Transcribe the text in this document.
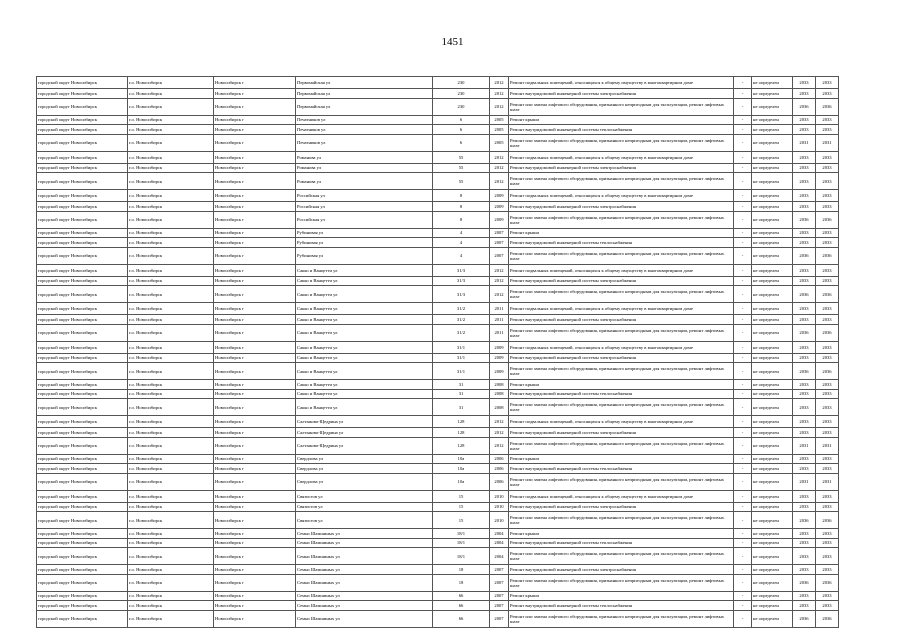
1451
городской округ Новосибирск	г.о. Новосибирск	Новосибирск г	Первомайская ул	230	2012	Ремонт подвальных помещений, относящихся к общему имуществу в многоквартирном доме	-	не определен	2033	2033
городской округ Новосибирск	г.о. Новосибирск	Новосибирск г	Первомайская ул	230	2012	Ремонт внутридомовой инженерной системы электроснабжения	-	не определен	2033	2033
городской округ Новосибирск	г.о. Новосибирск	Новосибирск г	Первомайская ул	230	2012	Ремонт или замена лифтового оборудования, признанного непригодным для эксплуатации, ремонт лифтовых шахт	-	не определен	2036	2036
городской округ Новосибирск	г.о. Новосибирск	Новосибирск г	Печатников ул	6	2005	Ремонт крыши	-	не определен	2033	2033
городской округ Новосибирск	г.о. Новосибирск	Новосибирск г	Печатников ул	6	2005	Ремонт внутридомовой инженерной системы теплоснабжения	-	не определен	2033	2033
городской округ Новосибирск	г.о. Новосибирск	Новосибирск г	Печатников ул	6	2005	Ремонт или замена лифтового оборудования, признанного непригодным для эксплуатации, ремонт лифтовых шахт	-	не определен	2031	2031
городской округ Новосибирск	г.о. Новосибирск	Новосибирск г	Романова ул	55	2012	Ремонт подвальных помещений, относящихся к общему имуществу в многоквартирном доме	-	не определен	2033	2033
городской округ Новосибирск	г.о. Новосибирск	Новосибирск г	Романова ул	55	2012	Ремонт внутридомовой инженерной системы электроснабжения	-	не определен	2033	2033
городской округ Новосибирск	г.о. Новосибирск	Новосибирск г	Романова ул	55	2012	Ремонт или замена лифтового оборудования, признанного непригодным для эксплуатации, ремонт лифтовых шахт	-	не определен	2033	2033
городской округ Новосибирск	г.о. Новосибирск	Новосибирск г	Российская ул	8	2009	Ремонт подвальных помещений, относящихся к общему имуществу в многоквартирном доме	-	не определен	2033	2033
городской округ Новосибирск	г.о. Новосибирск	Новосибирск г	Российская ул	8	2009	Ремонт внутридомовой инженерной системы электроснабжения	-	не определен	2033	2033
городской округ Новосибирск	г.о. Новосибирск	Новосибирск г	Российская ул	8	2009	Ремонт или замена лифтового оборудования, признанного непригодным для эксплуатации, ремонт лифтовых шахт	-	не определен	2036	2036
городской округ Новосибирск	г.о. Новосибирск	Новосибирск г	Рубиновая ул	4	2007	Ремонт крыши	-	не определен	2033	2033
городской округ Новосибирск	г.о. Новосибирск	Новосибирск г	Рубиновая ул	4	2007	Ремонт внутридомовой инженерной системы теплоснабжения	-	не определен	2033	2033
городской округ Новосибирск	г.о. Новосибирск	Новосибирск г	Рубиновая ул	4	2007	Ремонт или замена лифтового оборудования, признанного непригодным для эксплуатации, ремонт лифтовых шахт	-	не определен	2036	2036
городской округ Новосибирск	г.о. Новосибирск	Новосибирск г	Сакко и Ванцетти ул	31/3	2012	Ремонт подвальных помещений, относящихся к общему имуществу в многоквартирном доме	-	не определен	2033	2033
городской округ Новосибирск	г.о. Новосибирск	Новосибирск г	Сакко и Ванцетти ул	31/3	2012	Ремонт внутридомовой инженерной системы электроснабжения	-	не определен	2033	2033
городской округ Новосибирск	г.о. Новосибирск	Новосибирск г	Сакко и Ванцетти ул	31/3	2012	Ремонт или замена лифтового оборудования, признанного непригодным для эксплуатации, ремонт лифтовых шахт	-	не определен	2036	2036
городской округ Новосибирск	г.о. Новосибирск	Новосибирск г	Сакко и Ванцетти ул	31/2	2011	Ремонт подвальных помещений, относящихся к общему имуществу в многоквартирном доме	-	не определен	2033	2033
городской округ Новосибирск	г.о. Новосибирск	Новосибирск г	Сакко и Ванцетти ул	31/2	2011	Ремонт внутридомовой инженерной системы электроснабжения	-	не определен	2033	2033
городской округ Новосибирск	г.о. Новосибирск	Новосибирск г	Сакко и Ванцетти ул	31/2	2011	Ремонт или замена лифтового оборудования, признанного непригодным для эксплуатации, ремонт лифтовых шахт	-	не определен	2036	2036
городской округ Новосибирск	г.о. Новосибирск	Новосибирск г	Сакко и Ванцетти ул	31/1	2009	Ремонт подвальных помещений, относящихся к общему имуществу в многоквартирном доме	-	не определен	2033	2033
городской округ Новосибирск	г.о. Новосибирск	Новосибирск г	Сакко и Ванцетти ул	31/1	2009	Ремонт внутридомовой инженерной системы электроснабжения	-	не определен	2033	2033
городской округ Новосибирск	г.о. Новосибирск	Новосибирск г	Сакко и Ванцетти ул	31/1	2009	Ремонт или замена лифтового оборудования, признанного непригодным для эксплуатации, ремонт лифтовых шахт	-	не определен	2036	2036
городской округ Новосибирск	г.о. Новосибирск	Новосибирск г	Сакко и Ванцетти ул	31	2008	Ремонт крыши	-	не определен	2033	2033
городской округ Новосибирск	г.о. Новосибирск	Новосибирск г	Сакко и Ванцетти ул	31	2008	Ремонт внутридомовой инженерной системы теплоснабжения	-	не определен	2033	2033
городской округ Новосибирск	г.о. Новосибирск	Новосибирск г	Сакко и Ванцетти ул	31	2008	Ремонт или замена лифтового оборудования, признанного непригодным для эксплуатации, ремонт лифтовых шахт	-	не определен	2033	2033
городской округ Новосибирск	г.о. Новосибирск	Новосибирск г	Салтыкова-Щедрина ул	128	2012	Ремонт подвальных помещений, относящихся к общему имуществу в многоквартирном доме	-	не определен	2033	2033
городской округ Новосибирск	г.о. Новосибирск	Новосибирск г	Салтыкова-Щедрина ул	128	2012	Ремонт внутридомовой инженерной системы электроснабжения	-	не определен	2033	2033
городской округ Новосибирск	г.о. Новосибирск	Новосибирск г	Салтыкова-Щедрина ул	128	2012	Ремонт или замена лифтового оборудования, признанного непригодным для эксплуатации, ремонт лифтовых шахт	-	не определен	2031	2031
городской округ Новосибирск	г.о. Новосибирск	Новосибирск г	Свердлова ул	10а	2006	Ремонт крыши	-	не определен	2033	2033
городской округ Новосибирск	г.о. Новосибирск	Новосибирск г	Свердлова ул	10а	2006	Ремонт внутридомовой инженерной системы теплоснабжения	-	не определен	2033	2033
городской округ Новосибирск	г.о. Новосибирск	Новосибирск г	Свердлова ул	10а	2006	Ремонт или замена лифтового оборудования, признанного непригодным для эксплуатации, ремонт лифтовых шахт	-	не определен	2031	2031
городской округ Новосибирск	г.о. Новосибирск	Новосибирск г	Связистов ул	15	2010	Ремонт подвальных помещений, относящихся к общему имуществу в многоквартирном доме	-	не определен	2033	2033
городской округ Новосибирск	г.о. Новосибирск	Новосибирск г	Связистов ул	15	2010	Ремонт внутридомовой инженерной системы электроснабжения	-	не определен	2033	2033
городской округ Новосибирск	г.о. Новосибирск	Новосибирск г	Связистов ул	15	2010	Ремонт или замена лифтового оборудования, признанного непригодным для эксплуатации, ремонт лифтовых шахт	-	не определен	2036	2036
городской округ Новосибирск	г.о. Новосибирск	Новосибирск г	Семьи Шамшиных ул	18/1	2004	Ремонт крыши	-	не определен	2033	2033
городской округ Новосибирск	г.о. Новосибирск	Новосибирск г	Семьи Шамшиных ул	18/1	2004	Ремонт внутридомовой инженерной системы теплоснабжения	-	не определен	2033	2033
городской округ Новосибирск	г.о. Новосибирск	Новосибирск г	Семьи Шамшиных ул	18/1	2004	Ремонт или замена лифтового оборудования, признанного непригодным для эксплуатации, ремонт лифтовых шахт	-	не определен	2033	2033
городской округ Новосибирск	г.о. Новосибирск	Новосибирск г	Семьи Шамшиных ул	18	2007	Ремонт внутридомовой инженерной системы электроснабжения	-	не определен	2033	2033
городской округ Новосибирск	г.о. Новосибирск	Новосибирск г	Семьи Шамшиных ул	18	2007	Ремонт или замена лифтового оборудования, признанного непригодным для эксплуатации, ремонт лифтовых шахт	-	не определен	2036	2036
городской округ Новосибирск	г.о. Новосибирск	Новосибирск г	Семьи Шамшиных ул	66	2007	Ремонт крыши	-	не определен	2033	2033
городской округ Новосибирск	г.о. Новосибирск	Новосибирск г	Семьи Шамшиных ул	66	2007	Ремонт внутридомовой инженерной системы теплоснабжения	-	не определен	2033	2033
городской округ Новосибирск	г.о. Новосибирск	Новосибирск г	Семьи Шамшиных ул	66	2007	Ремонт или замена лифтового оборудования, признанного непригодным для эксплуатации, ремонт лифтовых шахт	-	не определен	2036	2036
